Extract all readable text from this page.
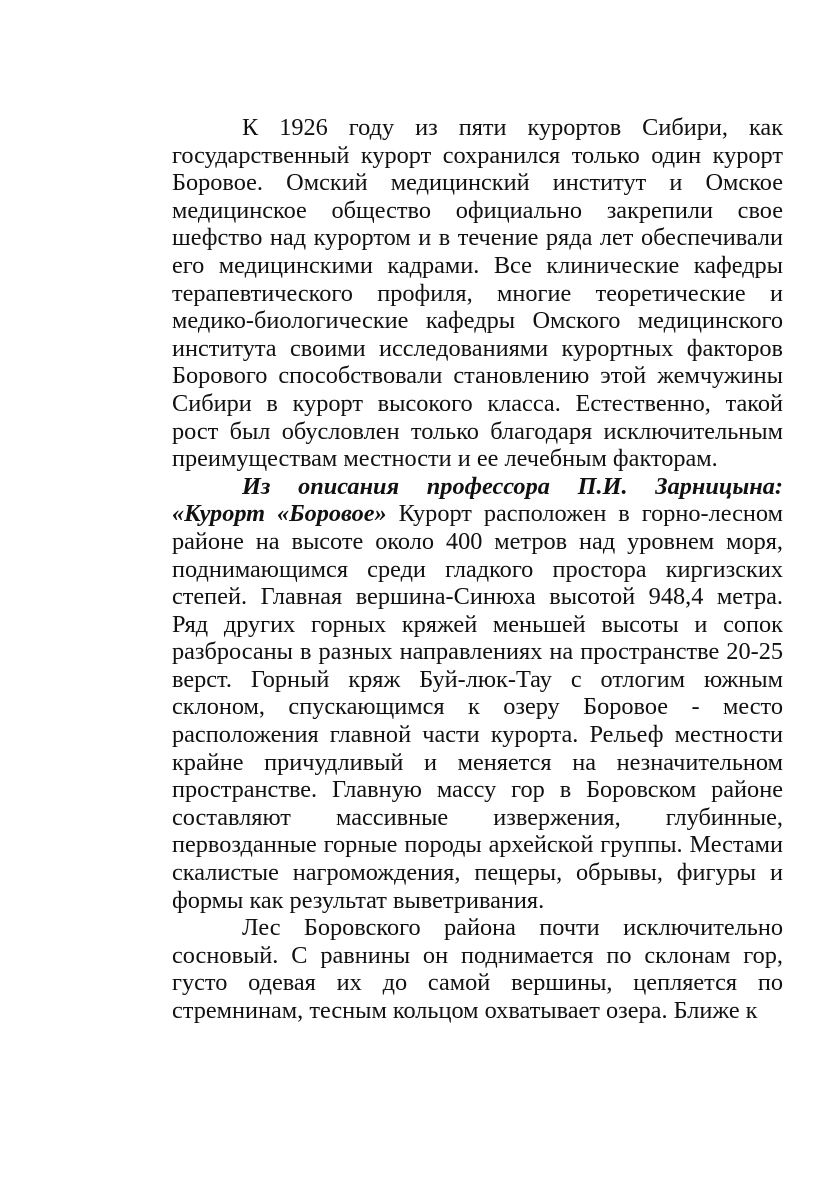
К 1926 году из пяти курортов Сибири, как государственный курорт сохранился только один курорт Боровое. Омский медицинский институт и Омское медицинское общество официально закрепили свое шефство над курортом и в течение ряда лет обеспечивали его медицинскими кадрами. Все клинические кафедры терапевтического профиля, многие теоретические и медико-биологические кафедры Омского медицинского института своими исследованиями курортных факторов Борового способствовали становлению этой жемчужины Сибири в курорт высокого класса. Естественно, такой рост был обусловлен только благодаря исключительным преимуществам местности и ее лечебным факторам.

Из описания профессора П.И. Зарницына: «Курорт «Боровое» Курорт расположен в горно-лесном районе на высоте около 400 метров над уровнем моря, поднимающимся среди гладкого простора киргизских степей. Главная вершина-Синюха высотой 948,4 метра. Ряд других горных кряжей меньшей высоты и сопок разбросаны в разных направлениях на пространстве 20-25 верст. Горный кряж Буй-люк-Тау с отлогим южным склоном, спускающимся к озеру Боровое - место расположения главной части курорта. Рельеф местности крайне причудливый и меняется на незначительном пространстве. Главную массу гор в Боровском районе составляют массивные извержения, глубинные, первозданные горные породы архейской группы. Местами скалистые нагромождения, пещеры, обрывы, фигуры и формы как результат выветривания.

Лес Боровского района почти исключительно сосновый. С равнины он поднимается по склонам гор, густо одевая их до самой вершины, цепляется по стремнинам, тесным кольцом охватывает озера. Ближе к
